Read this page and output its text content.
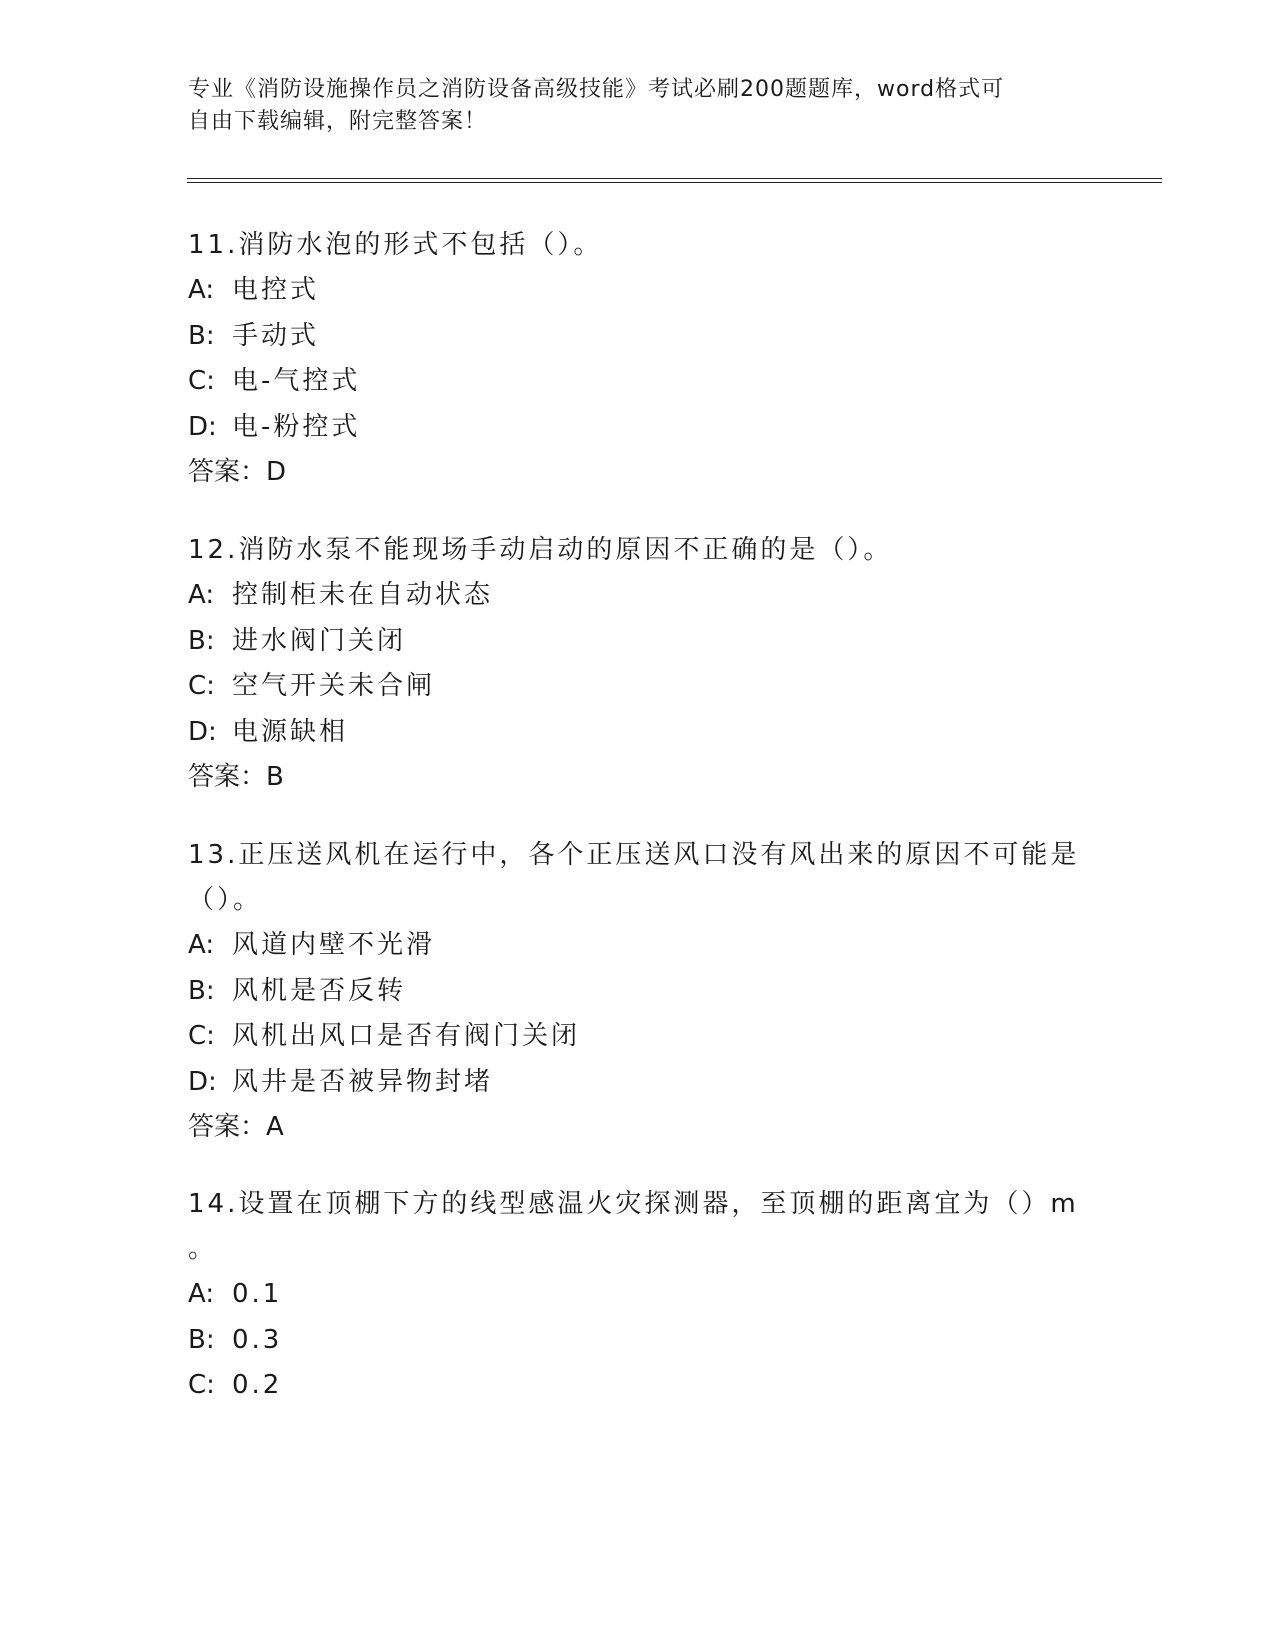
专业《消防设施操作员之消防设备高级技能》考试必刷200题题库，word格式可
自由下载编辑，附完整答案！
11.消防水泡的形式不包括（）。
A: 电控式
B: 手动式
C: 电-气控式
D: 电-粉控式
答案：D
12.消防水泵不能现场手动启动的原因不正确的是（）。
A: 控制柜未在自动状态
B: 进水阀门关闭
C: 空气开关未合闸
D: 电源缺相
答案：B
13.正压送风机在运行中，各个正压送风口没有风出来的原因不可能是
（）。
A: 风道内壁不光滑
B: 风机是否反转
C: 风机出风口是否有阀门关闭
D: 风井是否被异物封堵
答案：A
14.设置在顶棚下方的线型感温火灾探测器，至顶棚的距离宜为（）m
。
A: 0.1
B: 0.3
C: 0.2
